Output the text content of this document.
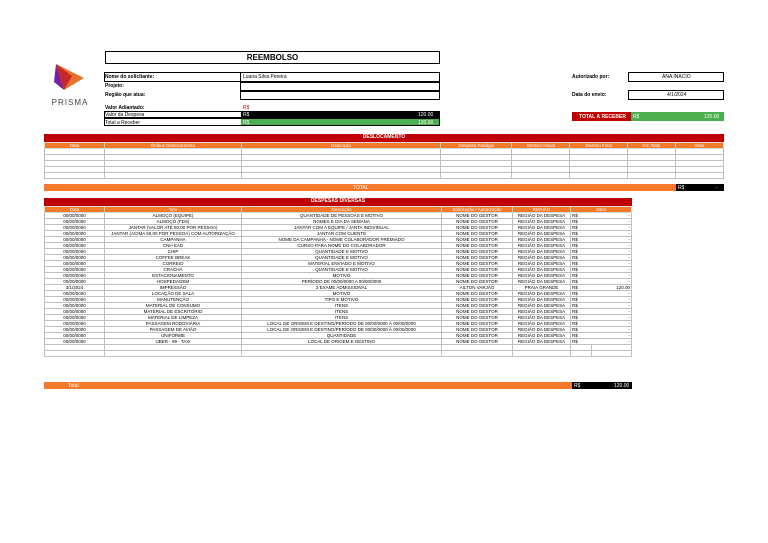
PRISMA
REEMBOLSO
Nome do solicitante:	Luana Silva Pereira
Projeto:
Região que atua:
Autorizado por:	ANA INACIO
Data do envio:	4/1/2024
Valor Adiantado:	R$
Valor da Despesa	R$	120.00
Total a Receber	R$	120.00
TOTAL À RECEBER R$	120.00
DESLOCAMENTO
Data	Ônibus Deslocamento	Descrição	Despesa Pedágio	Destino Inicial	Destino Final	Km Total	Valor

TOTAL	R$	-
DESPESAS DIVERSAS
Data	Tipo	Descrição	Solicitação / Autorização	REGIÃO	Valor	
00/00/0000	ALMOÇO (EQUIPE)	QUANTIDADE DE PESSOAS E MOTIVO	NOME DO GESTOR	REGIÃO DA DESPESA	R$	-
00/00/0000	ALMOÇO (FDS)	NOMES E DIA DA SEMANA	NOME DO GESTOR	REGIÃO DA DESPESA	R$	-
00/00/0000	JANTAR (VALOR ATÉ 50,00 POR PESSOA)	JANTAR COM A EQUIPE / JANTA INDIVIDUAL	NOME DO GESTOR	REGIÃO DA DESPESA	R$	-
00/00/0000	JANTAR (ACIMA 50,00 POR PESSOA) COM AUTORIZAÇÃO	JANTAR COM CLIENTE	NOME DO GESTOR	REGIÃO DA DESPESA	R$	-
00/00/0000	CAMPANHA	NOME DA CAMPANHA - NOME COLABORADOR PREMIADO	NOME DO GESTOR	REGIÃO DA DESPESA	R$	-
00/00/0000	CNH EAD	CURSO PARA NOME DO COLABORADOR	NOME DO GESTOR	REGIÃO DA DESPESA	R$	-
00/00/0000	CHIP	QUANTIDADE E MOTIVO	NOME DO GESTOR	REGIÃO DA DESPESA	R$	-
00/00/0000	COFFEE BREAK	QUANTIDADE E MOTIVO	NOME DO GESTOR	REGIÃO DA DESPESA	R$	-
00/00/0000	CORREIO	MATERIAL ENVIADO E MOTIVO	NOME DO GESTOR	REGIÃO DA DESPESA	R$	-
00/00/0000	CRACHÁ	QUANTIDADE E MOTIVO	NOME DO GESTOR	REGIÃO DA DESPESA	R$	-
00/00/0000	ESTACIONAMENTO	MOTIVO	NOME DO GESTOR	REGIÃO DA DESPESA	R$	-
00/00/0000	HOSPEDAGEM	PERÍODO DE 00/00/0000 A 00/00/0000	NOME DO GESTOR	REGIÃO DA DESPESA	R$	-
3/1/2024	IMPRESSÃO	3 EXAME ADMISSIONAL	AILTON VARJÃO	PRAIA GRANDE	R$	120.00
00/00/0000	LOCAÇÃO DE SALA	MOTIVO	NOME DO GESTOR	REGIÃO DA DESPESA	R$	-
00/00/0000	MANUTENÇÃO	TIPO E MOTIVO	NOME DO GESTOR	REGIÃO DA DESPESA	R$	-
00/00/0000	MATERIAL DE CONSUMO	ITENS	NOME DO GESTOR	REGIÃO DA DESPESA	R$	-
00/00/0000	MATERIAL DE ESCRITÓRIO	ITENS	NOME DO GESTOR	REGIÃO DA DESPESA	R$	-
00/00/0000	MATERIAL DE LIMPEZA	ITENS	NOME DO GESTOR	REGIÃO DA DESPESA	R$	-
00/00/0000	PASSAGEM RODOVIÁRIA	LOCAL DE ORIGEM E DESTINO/PERÍODO DE 00/00/0000 À 00/00/0000	NOME DO GESTOR	REGIÃO DA DESPESA	R$	-
00/00/0000	PASSAGEM DE AVIÃO	LOCAL DE ORIGEM E DESTINO/PERÍODO DE 00/00/0000 À 00/00/0000	NOME DO GESTOR	REGIÃO DA DESPESA	R$	-
00/00/0000	UNIFORME	QUANTIDADE	NOME DO GESTOR	REGIÃO DA DESPESA	R$	-
00/00/0000	UBER - 99 - TAXI	LOCAL DE ORIGEM E DESTINO	NOME DO GESTOR	REGIÃO DA DESPESA	R$	-

Total	R$	120.00
